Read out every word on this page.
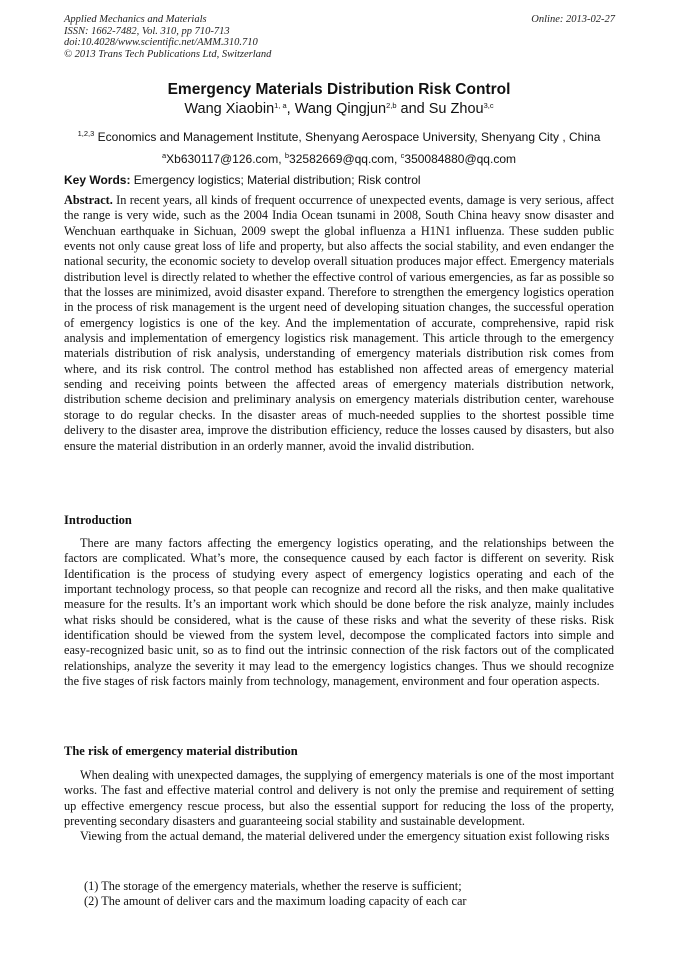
Applied Mechanics and Materials
ISSN: 1662-7482, Vol. 310, pp 710-713
doi:10.4028/www.scientific.net/AMM.310.710
© 2013 Trans Tech Publications Ltd, Switzerland
Online: 2013-02-27
Emergency Materials Distribution Risk Control
Wang Xiaobin$^{1, a}$, Wang Qingjun$^{2,b}$ and Su Zhou$^{3,c}$
$^{1,2,3}$ Economics and Management Institute, Shenyang Aerospace University, Shenyang City , China
$^a$Xb630117@126.com, $^b$32582669@qq.com, $^c$350084880@qq.com
Key Words: Emergency logistics; Material distribution; Risk control
Abstract. In recent years, all kinds of frequent occurrence of unexpected events, damage is very serious, affect the range is very wide, such as the 2004 India Ocean tsunami in 2008, South China heavy snow disaster and Wenchuan earthquake in Sichuan, 2009 swept the global influenza a H1N1 influenza. These sudden public events not only cause great loss of life and property, but also affects the social stability, and even endanger the national security, the economic society to develop overall situation produces major effect. Emergency materials distribution level is directly related to whether the effective control of various emergencies, as far as possible so that the losses are minimized, avoid disaster expand. Therefore to strengthen the emergency logistics operation in the process of risk management is the urgent need of developing situation changes, the successful operation of emergency logistics is one of the key. And the implementation of accurate, comprehensive, rapid risk analysis and implementation of emergency logistics risk management. This article through to the emergency materials distribution of risk analysis, understanding of emergency materials distribution risk comes from where, and its risk control. The control method has established non affected areas of emergency material sending and receiving points between the affected areas of emergency materials distribution network, distribution scheme decision and preliminary analysis on emergency materials distribution center, warehouse storage to do regular checks. In the disaster areas of much-needed supplies to the shortest possible time delivery to the disaster area, improve the distribution efficiency, reduce the losses caused by disasters, but also ensure the material distribution in an orderly manner, avoid the invalid distribution.
Introduction
There are many factors affecting the emergency logistics operating, and the relationships between the factors are complicated. What’s more, the consequence caused by each factor is different on severity. Risk Identification is the process of studying every aspect of emergency logistics operating and each of the important technology process, so that people can recognize and record all the risks, and then make qualitative measure for the results. It’s an important work which should be done before the risk analyze, mainly includes what risks should be considered, what is the cause of these risks and what the severity of these risks. Risk identification should be viewed from the system level, decompose the complicated factors into simple and easy-recognized basic unit, so as to find out the intrinsic connection of the risk factors out of the complicated relationships, analyze the severity it may lead to the emergency logistics changes. Thus we should recognize the five stages of risk factors mainly from technology, management, environment and four operation aspects.
The risk of emergency material distribution

When dealing with unexpected damages, the supplying of emergency materials is one of the most important works. The fast and effective material control and delivery is not only the premise and requirement of setting up effective emergency rescue process, but also the essential support for reducing the loss of the property, preventing secondary disasters and guaranteeing social stability and sustainable development.

Viewing from the actual demand, the material delivered under the emergency situation exist following risks

(1) The storage of the emergency materials, whether the reserve is sufficient;
(2) The amount of deliver cars and the maximum loading capacity of each car
